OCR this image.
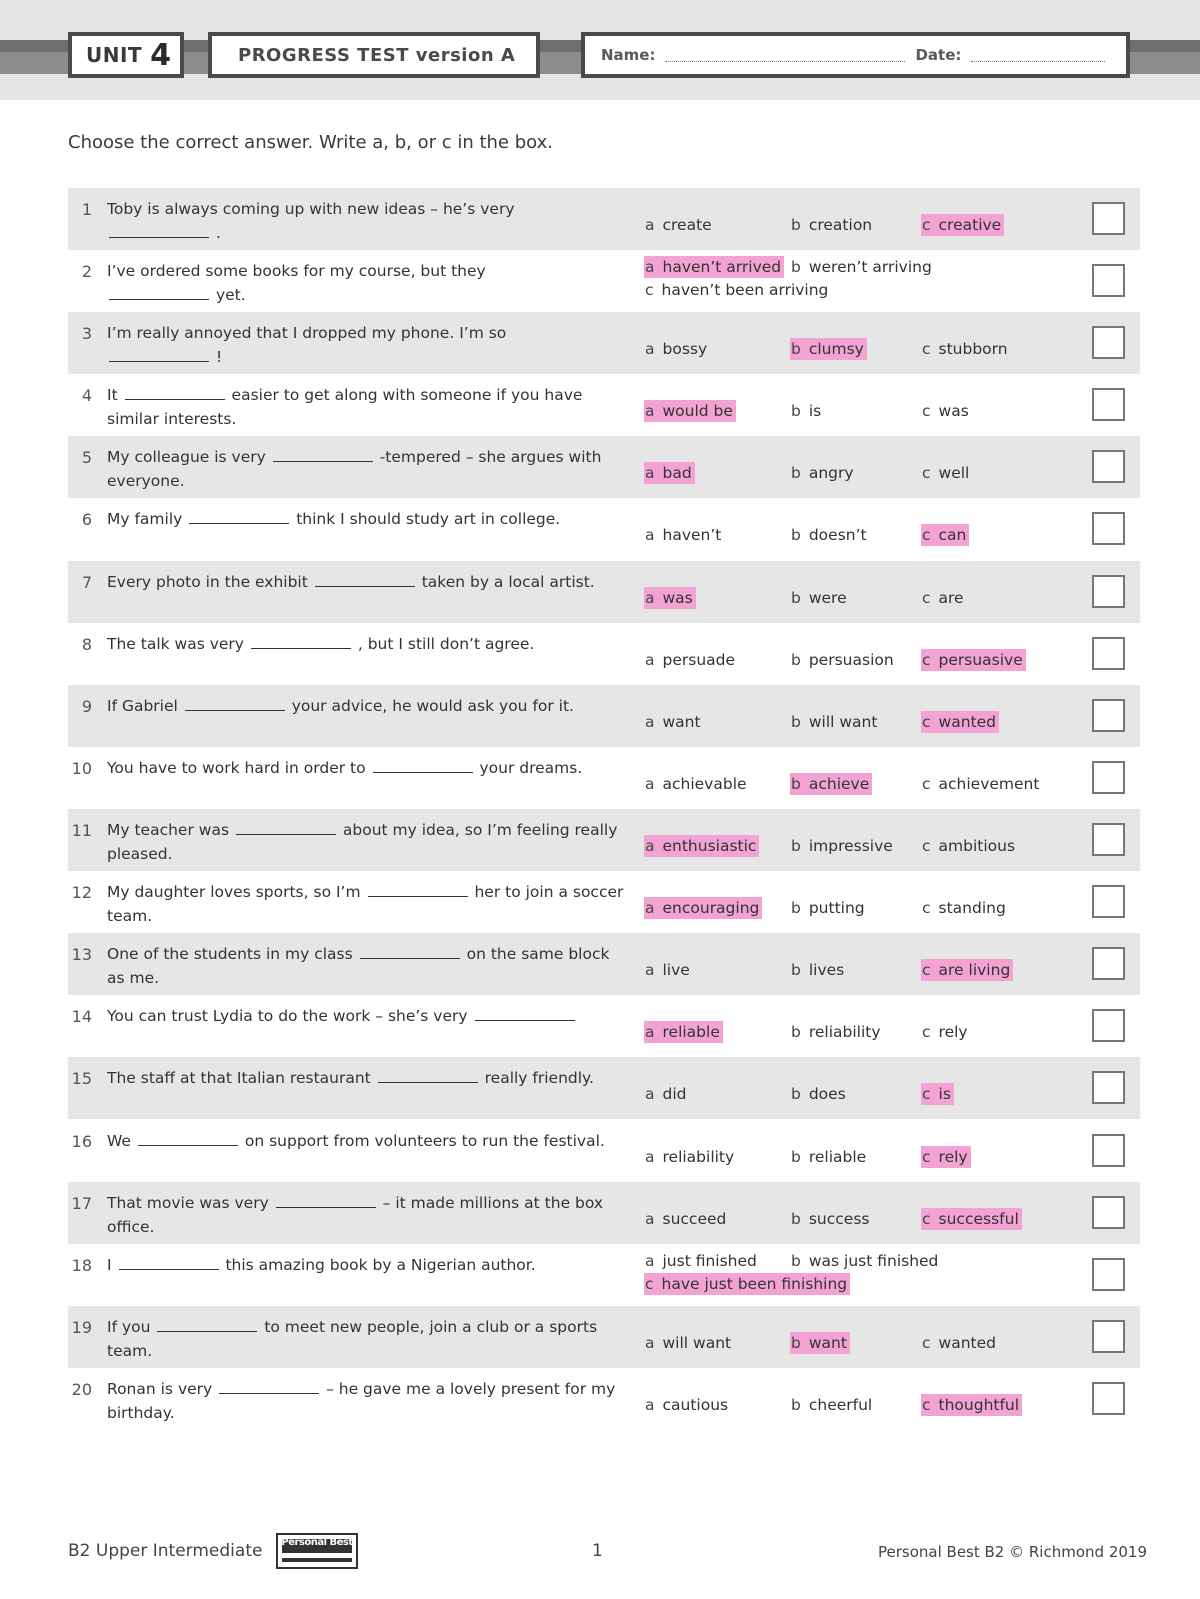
UNIT 4	PROGRESS TEST version A	Name:	Date:
Choose the correct answer. Write a, b, or c in the box.
1 Toby is always coming up with new ideas – he’s very
.	a create	b creation	c creative
2 I’ve ordered some books for my course, but they
yet.
a haven’t arrived b weren’t arriving
c haven’t been arriving
3 I’m really annoyed that I dropped my phone. I’m so
!	a bossy	b clumsy	c stubborn
4 It	easier to get along with someone if you have similar interests.	a would be	b is	c was
5 My colleague is very	-tempered – she argues with everyone.	a bad	b angry	c well
6 My family	think I should study art in college.
a haven’t	b doesn’t	c can
7 Every photo in the exhibit	taken by a local artist.
a was	b were	c are
8 The talk was very	, but I still don’t agree.
a persuade	b persuasion c persuasive
9 If Gabriel	your advice, he would ask you for it.
a want	b will want	c wanted
10 You have to work hard in order to	your dreams.
a achievable	b achieve	c achievement
11 My teacher was	about my idea, so I’m feeling really pleased.	a enthusiastic b impressive c ambitious
12 My daughter loves sports, so I’m	her to join a soccer team.	a encouraging b putting	c standing
13 One of the students in my class	on the same block as me.	a live	b lives	c are living
14 You can trust Lydia to do the work – she’s very
a reliable	b reliability	c rely
15 The staff at that Italian restaurant	really friendly.
a did	b does	c is
16 We	on support from volunteers to run the festival.
a reliability	b reliable	c rely
17 That movie was very	– it made millions at the box office.	a succeed	b success	c successful
18 I	this amazing book by a Nigerian author.	a just finished b was just finished
c have just been finishing
19 If you	to meet new people, join a club or a sports team.	a will want	b want	c wanted
20 Ronan is very	– he gave me a lovely present for my birthday.	a cautious	b cheerful	c thoughtful
B2 Upper Intermediate	Personal Best	1	Personal Best B2 © Richmond 2019
